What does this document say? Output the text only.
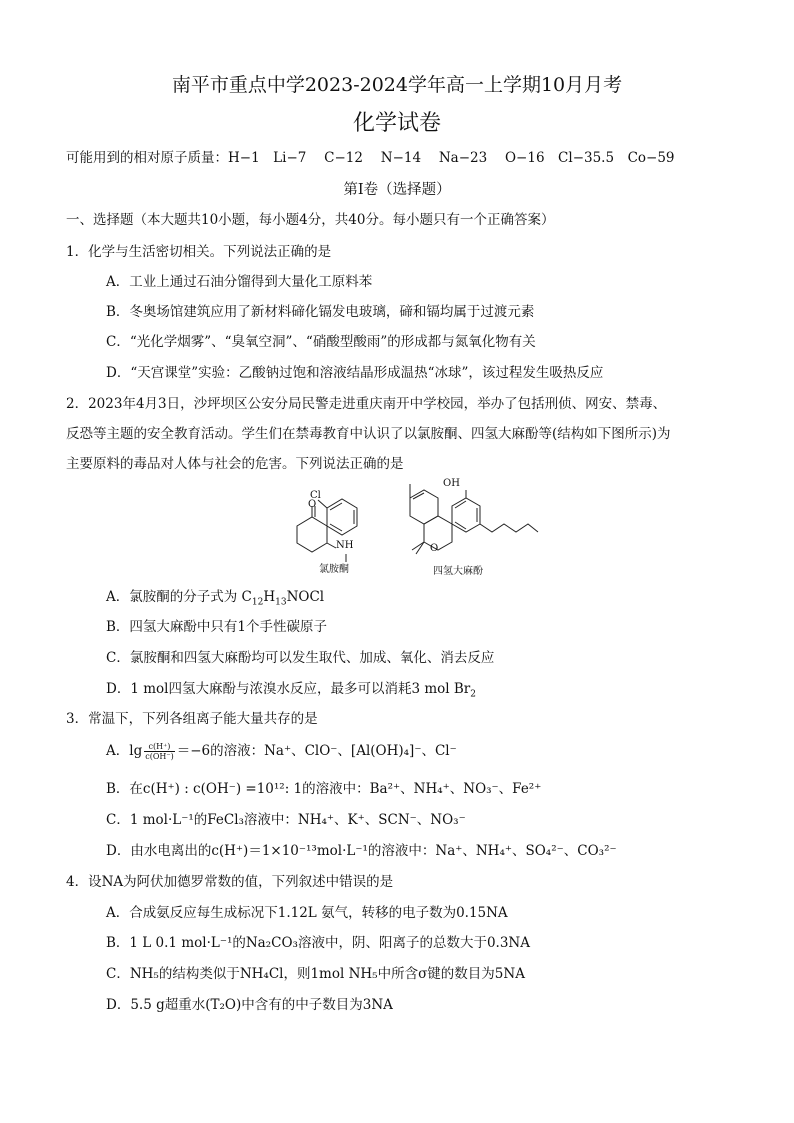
南平市重点中学2023-2024学年高一上学期10月月考
化学试卷
可能用到的相对原子质量：H−1　Li−7　 C−12　 N−14　 Na−23　 O−16　Cl−35.5　Co−59
第Ⅰ卷（选择题）
一、选择题（本大题共10小题，每小题4分，共40分。每小题只有一个正确答案）
1．化学与生活密切相关。下列说法正确的是
A．工业上通过石油分馏得到大量化工原料苯
B．冬奥场馆建筑应用了新材料碲化镉发电玻璃，碲和镉均属于过渡元素
C．“光化学烟雾”、“臭氧空洞”、“硝酸型酸雨”的形成都与氮氧化物有关
D．“天宫课堂”实验：乙酸钠过饱和溶液结晶形成温热“冰球”，该过程发生吸热反应
2．2023年4月3日，沙坪坝区公安分局民警走进重庆南开中学校园，举办了包括刑侦、网安、禁毒、
反恐等主题的安全教育活动。学生们在禁毒教育中认识了以氯胺酮、四氢大麻酚等(结构如下图所示)为
主要原料的毒品对人体与社会的危害。下列说法正确的是
Cl
O
NH
氯胺酮
OH
O
四氢大麻酚
A．氯胺酮的分子式为 $C_{12}H_{13}NOCl$
B．四氢大麻酚中只有1个手性碳原子
C．氯胺酮和四氢大麻酚均可以发生取代、加成、氧化、消去反应
D．1 mol四氢大麻酚与浓溴水反应，最多可以消耗3 mol $Br_2$
3．常温下，下列各组离子能大量共存的是
A．$\lg \frac{c(H^+)}{c(OH^-)} =-6$的溶液：Na⁺、ClO⁻、[Al(OH)₄]⁻、Cl⁻
B．在c(H⁺) : c(OH⁻) =10¹²: 1的溶液中：Ba²⁺、NH₄⁺、NO₃⁻、Fe²⁺
C．1 mol·L⁻¹的FeCl₃溶液中：NH₄⁺、K⁺、SCN⁻、NO₃⁻
D．由水电离出的c(H⁺)＝1×10⁻¹³mol·L⁻¹的溶液中：Na⁺、NH₄⁺、SO₄²⁻、CO₃²⁻
4．设NA为阿伏加德罗常数的值，下列叙述中错误的是
A．合成氨反应每生成标况下1.12L 氨气，转移的电子数为0.15NA
B．1 L 0.1 mol·L⁻¹的Na₂CO₃溶液中，阴、阳离子的总数大于0.3NA
C．NH₅的结构类似于NH₄Cl，则1mol NH₅中所含σ键的数目为5NA
D．5.5 g超重水(T₂O)中含有的中子数目为3NA
